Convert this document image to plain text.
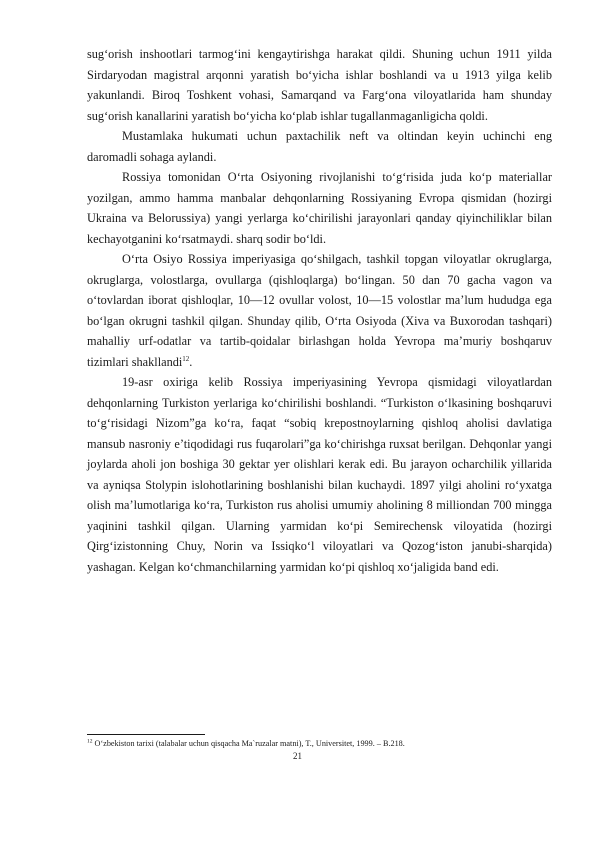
sug‘orish inshootlari tarmog‘ini kengaytirishga harakat qildi. Shuning uchun 1911 yilda Sirdaryodan magistral arqonni yaratish bo‘yicha ishlar boshlandi va u 1913 yilga kelib yakunlandi. Biroq Toshkent vohasi, Samarqand va Farg‘ona viloyatlarida ham shunday sug‘orish kanallarini yaratish bo‘yicha ko‘plab ishlar tugallanmaganligicha qoldi.

Mustamlaka hukumati uchun paxtachilik neft va oltindan keyin uchinchi eng daromadli sohaga aylandi.

Rossiya tomonidan O‘rta Osiyoning rivojlanishi to‘g‘risida juda ko‘p materiallar yozilgan, ammo hamma manbalar dehqonlarning Rossiyaning Evropa qismidan (hozirgi Ukraina va Belorussiya) yangi yerlarga ko‘chirilishi jarayonlari qanday qiyinchiliklar bilan kechayotganini ko‘rsatmaydi. sharq sodir bo‘ldi.

O‘rta Osiyo Rossiya imperiyasiga qo‘shilgach, tashkil topgan viloyatlar okruglarga, okruglarga, volostlarga, ovullarga (qishloqlarga) bo‘lingan. 50 dan 70 gacha vagon va o‘tovlardan iborat qishloqlar, 10—12 ovullar volost, 10—15 volostlar ma’lum hududga ega bo‘lgan okrugni tashkil qilgan. Shunday qilib, O‘rta Osiyoda (Xiva va Buxorodan tashqari) mahalliy urf-odatlar va tartib-qoidalar birlashgan holda Yevropa ma’muriy boshqaruv tizimlari shakllandi$^{12}$.

19-asr oxiriga kelib Rossiya imperiyasining Yevropa qismidagi viloyatlardan dehqonlarning Turkiston yerlariga ko‘chirilishi boshlandi. “Turkiston o‘lkasining boshqaruvi to‘g‘risidagi Nizom”ga ko‘ra, faqat “sobiq krepostnoylarning qishloq aholisi davlatiga mansub nasroniy e’tiqodidagi rus fuqarolari”ga ko‘chirishga ruxsat berilgan. Dehqonlar yangi joylarda aholi jon boshiga 30 gektar yer olishlari kerak edi. Bu jarayon ocharchilik yillarida va ayniqsa Stolypin islohotlarining boshlanishi bilan kuchaydi. 1897 yilgi aholini ro‘yxatga olish ma’lumotlariga ko‘ra, Turkiston rus aholisi umumiy aholining 8 milliondan 700 mingga yaqinini tashkil qilgan. Ularning yarmidan ko‘pi Semirechensk viloyatida (hozirgi Qirg‘izistonning Chuy, Norin va Issiqko‘l viloyatlari va Qozog‘iston janubi-sharqida) yashagan. Kelgan ko‘chmanchilarning yarmidan ko‘pi qishloq xo‘jaligida band edi.

$^{12}$ O‘zbekiston tarixi (talabalar uchun qisqacha Ma`ruzalar matni), T., Universitet, 1999. – B.218.
21
